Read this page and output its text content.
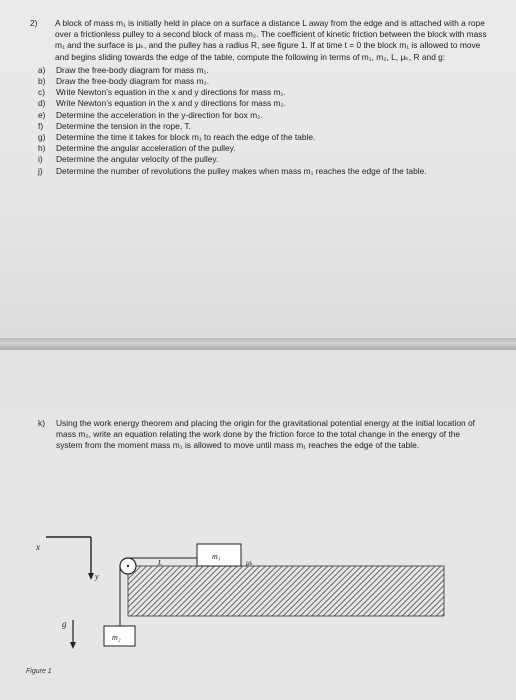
2) A block of mass m₁ is initially held in place on a surface a distance L away from the edge and is attached with a rope over a frictionless pulley to a second block of mass m₂. The coefficient of kinetic friction between the block with mass m₁ and the surface is μₖ, and the pulley has a radius R, see figure 1. If at time t = 0 the block m₁ is allowed to move and begins sliding towards the edge of the table, compute the following in terms of m₁, m₂, L, μₖ, R and g:
a) Draw the free-body diagram for mass m₁.
b) Draw the free-body diagram for mass m₂.
c) Write Newton’s equation in the x and y directions for mass m₁.
d) Write Newton’s equation in the x and y directions for mass m₂.
e) Determine the acceleration in the y-direction for box m₂.
f) Determine the tension in the rope, T.
g) Determine the time it takes for block m₁ to reach the edge of the table.
h) Determine the angular acceleration of the pulley.
i) Determine the angular velocity of the pulley.
j) Determine the number of revolutions the pulley makes when mass m₁ reaches the edge of the table.
k) Using the work energy theorem and placing the origin for the gravitational potential energy at the initial location of mass m₂, write an equation relating the work done by the friction force to the total change in the energy of the system from the moment mass m₁ is allowed to move until mass m₁ reaches the edge of the table.
x
y
g
m₁
μₖ
L
m₂
Figure 1
